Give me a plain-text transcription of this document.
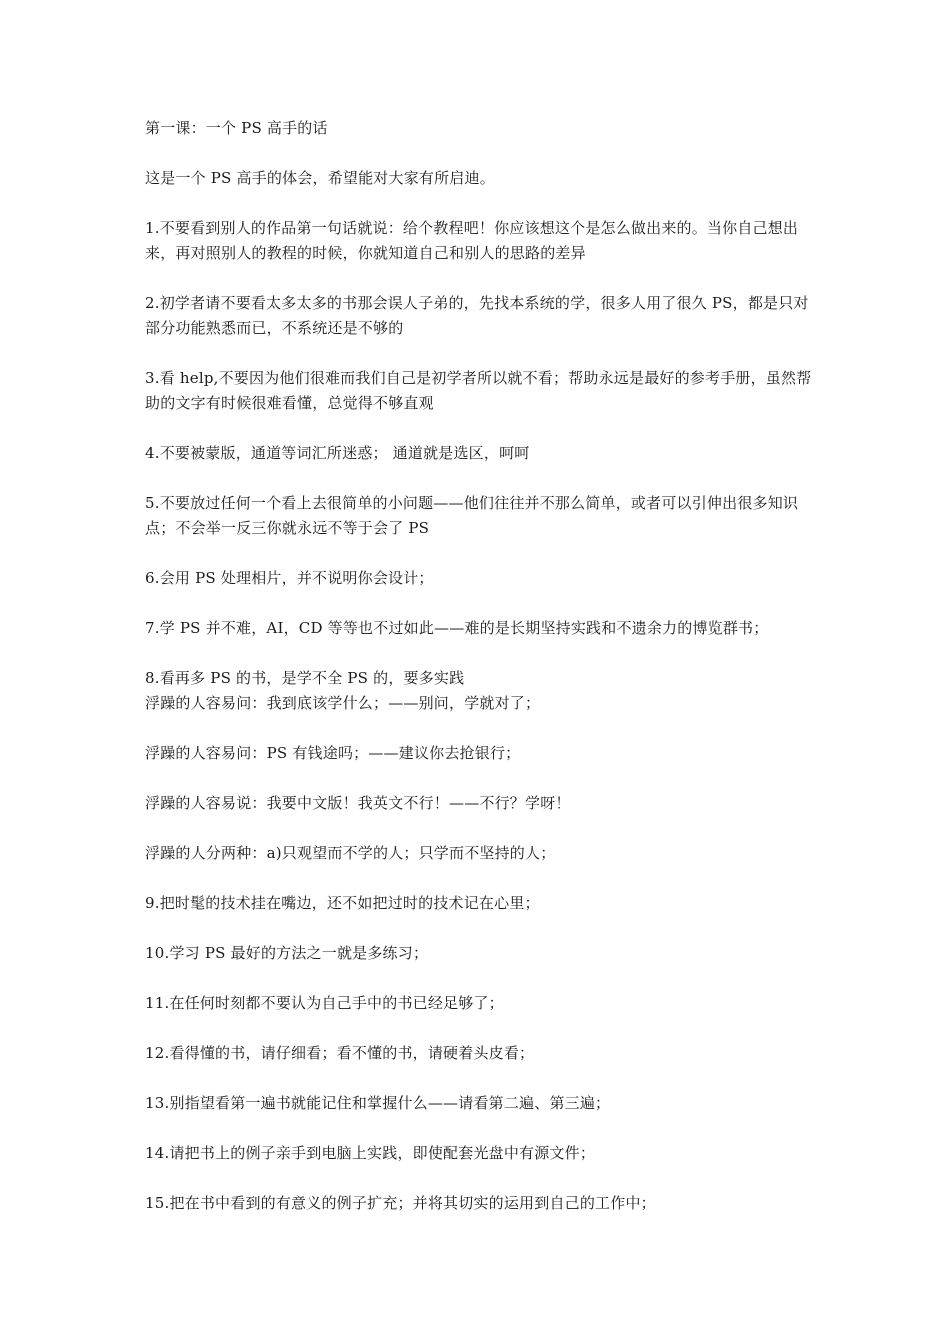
第一课：一个 PS 高手的话

这是一个 PS 高手的体会，希望能对大家有所启迪。

1.不要看到别人的作品第一句话就说：给个教程吧！你应该想这个是怎么做出来的。当你自己想出来，再对照别人的教程的时候，你就知道自己和别人的思路的差异

2.初学者请不要看太多太多的书那会误人子弟的，先找本系统的学，很多人用了很久 PS，都是只对部分功能熟悉而已，不系统还是不够的

3.看 help,不要因为他们很难而我们自己是初学者所以就不看；帮助永远是最好的参考手册，虽然帮助的文字有时候很难看懂，总觉得不够直观

4.不要被蒙版，通道等词汇所迷惑； 通道就是选区，呵呵

5.不要放过任何一个看上去很简单的小问题——他们往往并不那么简单，或者可以引伸出很多知识点；不会举一反三你就永远不等于会了 PS

6.会用 PS 处理相片，并不说明你会设计；

7.学 PS 并不难，AI，CD 等等也不过如此——难的是长期坚持实践和不遗余力的博览群书；

8.看再多 PS 的书，是学不全 PS 的，要多实践

浮躁的人容易问：我到底该学什么；——别问，学就对了；

浮躁的人容易问：PS 有钱途吗；——建议你去抢银行；

浮躁的人容易说：我要中文版！我英文不行！——不行？学呀！

浮躁的人分两种：a)只观望而不学的人；只学而不坚持的人；

9.把时髦的技术挂在嘴边，还不如把过时的技术记在心里；

10.学习 PS 最好的方法之一就是多练习；

11.在任何时刻都不要认为自己手中的书已经足够了；

12.看得懂的书，请仔细看；看不懂的书，请硬着头皮看；

13.别指望看第一遍书就能记住和掌握什么——请看第二遍、第三遍；

14.请把书上的例子亲手到电脑上实践，即使配套光盘中有源文件；

15.把在书中看到的有意义的例子扩充；并将其切实的运用到自己的工作中；
